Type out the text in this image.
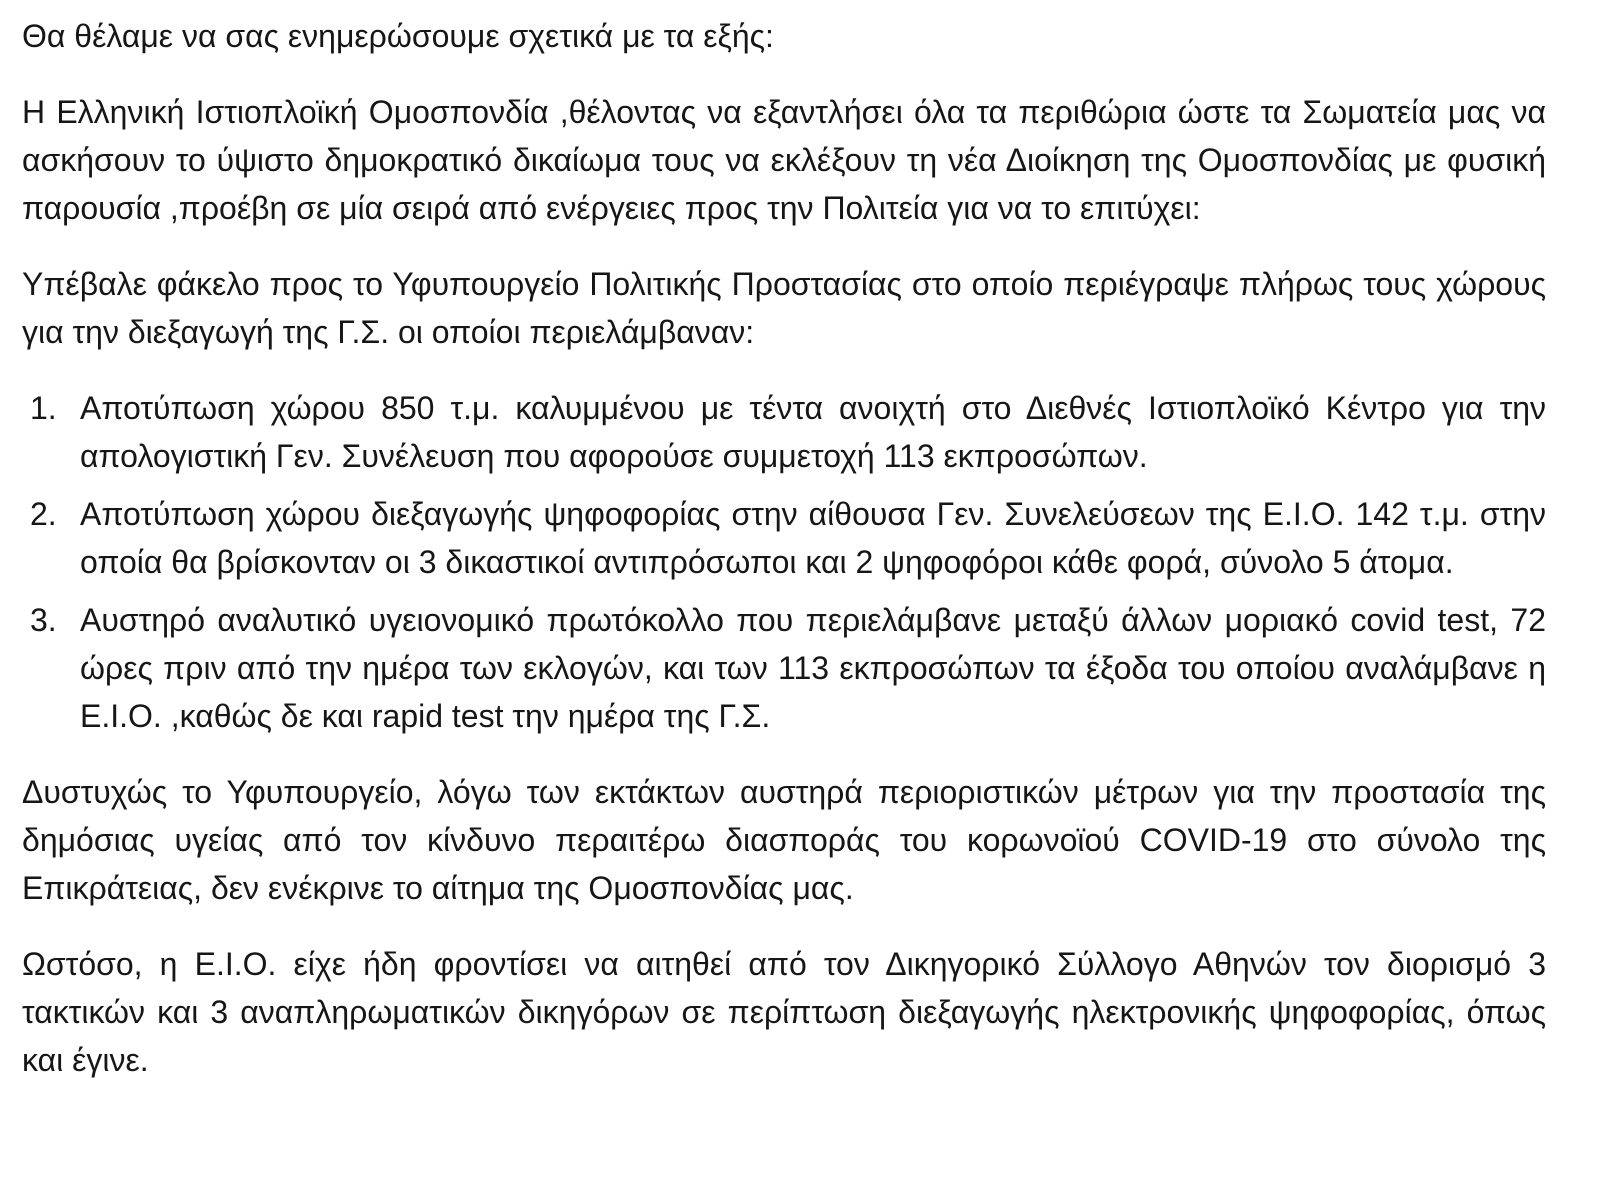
Θα θέλαμε να σας ενημερώσουμε σχετικά με τα εξής:

Η Ελληνική Ιστιοπλοϊκή Ομοσπονδία ,θέλοντας να εξαντλήσει όλα τα περιθώρια ώστε τα Σωματεία μας να ασκήσουν το ύψιστο δημοκρατικό δικαίωμα τους να εκλέξουν τη νέα Διοίκηση της Ομοσπονδίας με φυσική παρουσία ,προέβη σε μία σειρά από ενέργειες προς την Πολιτεία για να το επιτύχει:

Υπέβαλε φάκελο προς το Υφυπουργείο Πολιτικής Προστασίας στο οποίο περιέγραψε πλήρως τους χώρους για την διεξαγωγή της Γ.Σ. οι οποίοι περιελάμβαναν:

1. Αποτύπωση χώρου 850 τ.μ. καλυμμένου με τέντα ανοιχτή στο Διεθνές Ιστιοπλοϊκό Κέντρο για την απολογιστική Γεν. Συνέλευση που αφορούσε συμμετοχή 113 εκπροσώπων.
2. Αποτύπωση χώρου διεξαγωγής ψηφοφορίας στην αίθουσα Γεν. Συνελεύσεων της Ε.Ι.Ο. 142 τ.μ. στην οποία θα βρίσκονταν οι 3 δικαστικοί αντιπρόσωποι και 2 ψηφοφόροι κάθε φορά, σύνολο 5 άτομα.
3. Αυστηρό αναλυτικό υγειονομικό πρωτόκολλο που περιελάμβανε μεταξύ άλλων μοριακό covid test, 72 ώρες πριν από την ημέρα των εκλογών, και των 113 εκπροσώπων τα έξοδα του οποίου αναλάμβανε η Ε.Ι.Ο. ,καθώς δε και rapid test την ημέρα της Γ.Σ.

Δυστυχώς το Υφυπουργείο, λόγω των εκτάκτων αυστηρά περιοριστικών μέτρων για την προστασία της δημόσιας υγείας από τον κίνδυνο περαιτέρω διασποράς του κορωνοϊού COVID-19 στο σύνολο της Επικράτειας, δεν ενέκρινε το αίτημα της Ομοσπονδίας μας.

Ωστόσο, η Ε.Ι.Ο. είχε ήδη φροντίσει να αιτηθεί από τον Δικηγορικό Σύλλογο Αθηνών τον διορισμό 3 τακτικών και 3 αναπληρωματικών δικηγόρων σε περίπτωση διεξαγωγής ηλεκτρονικής ψηφοφορίας, όπως και έγινε.
